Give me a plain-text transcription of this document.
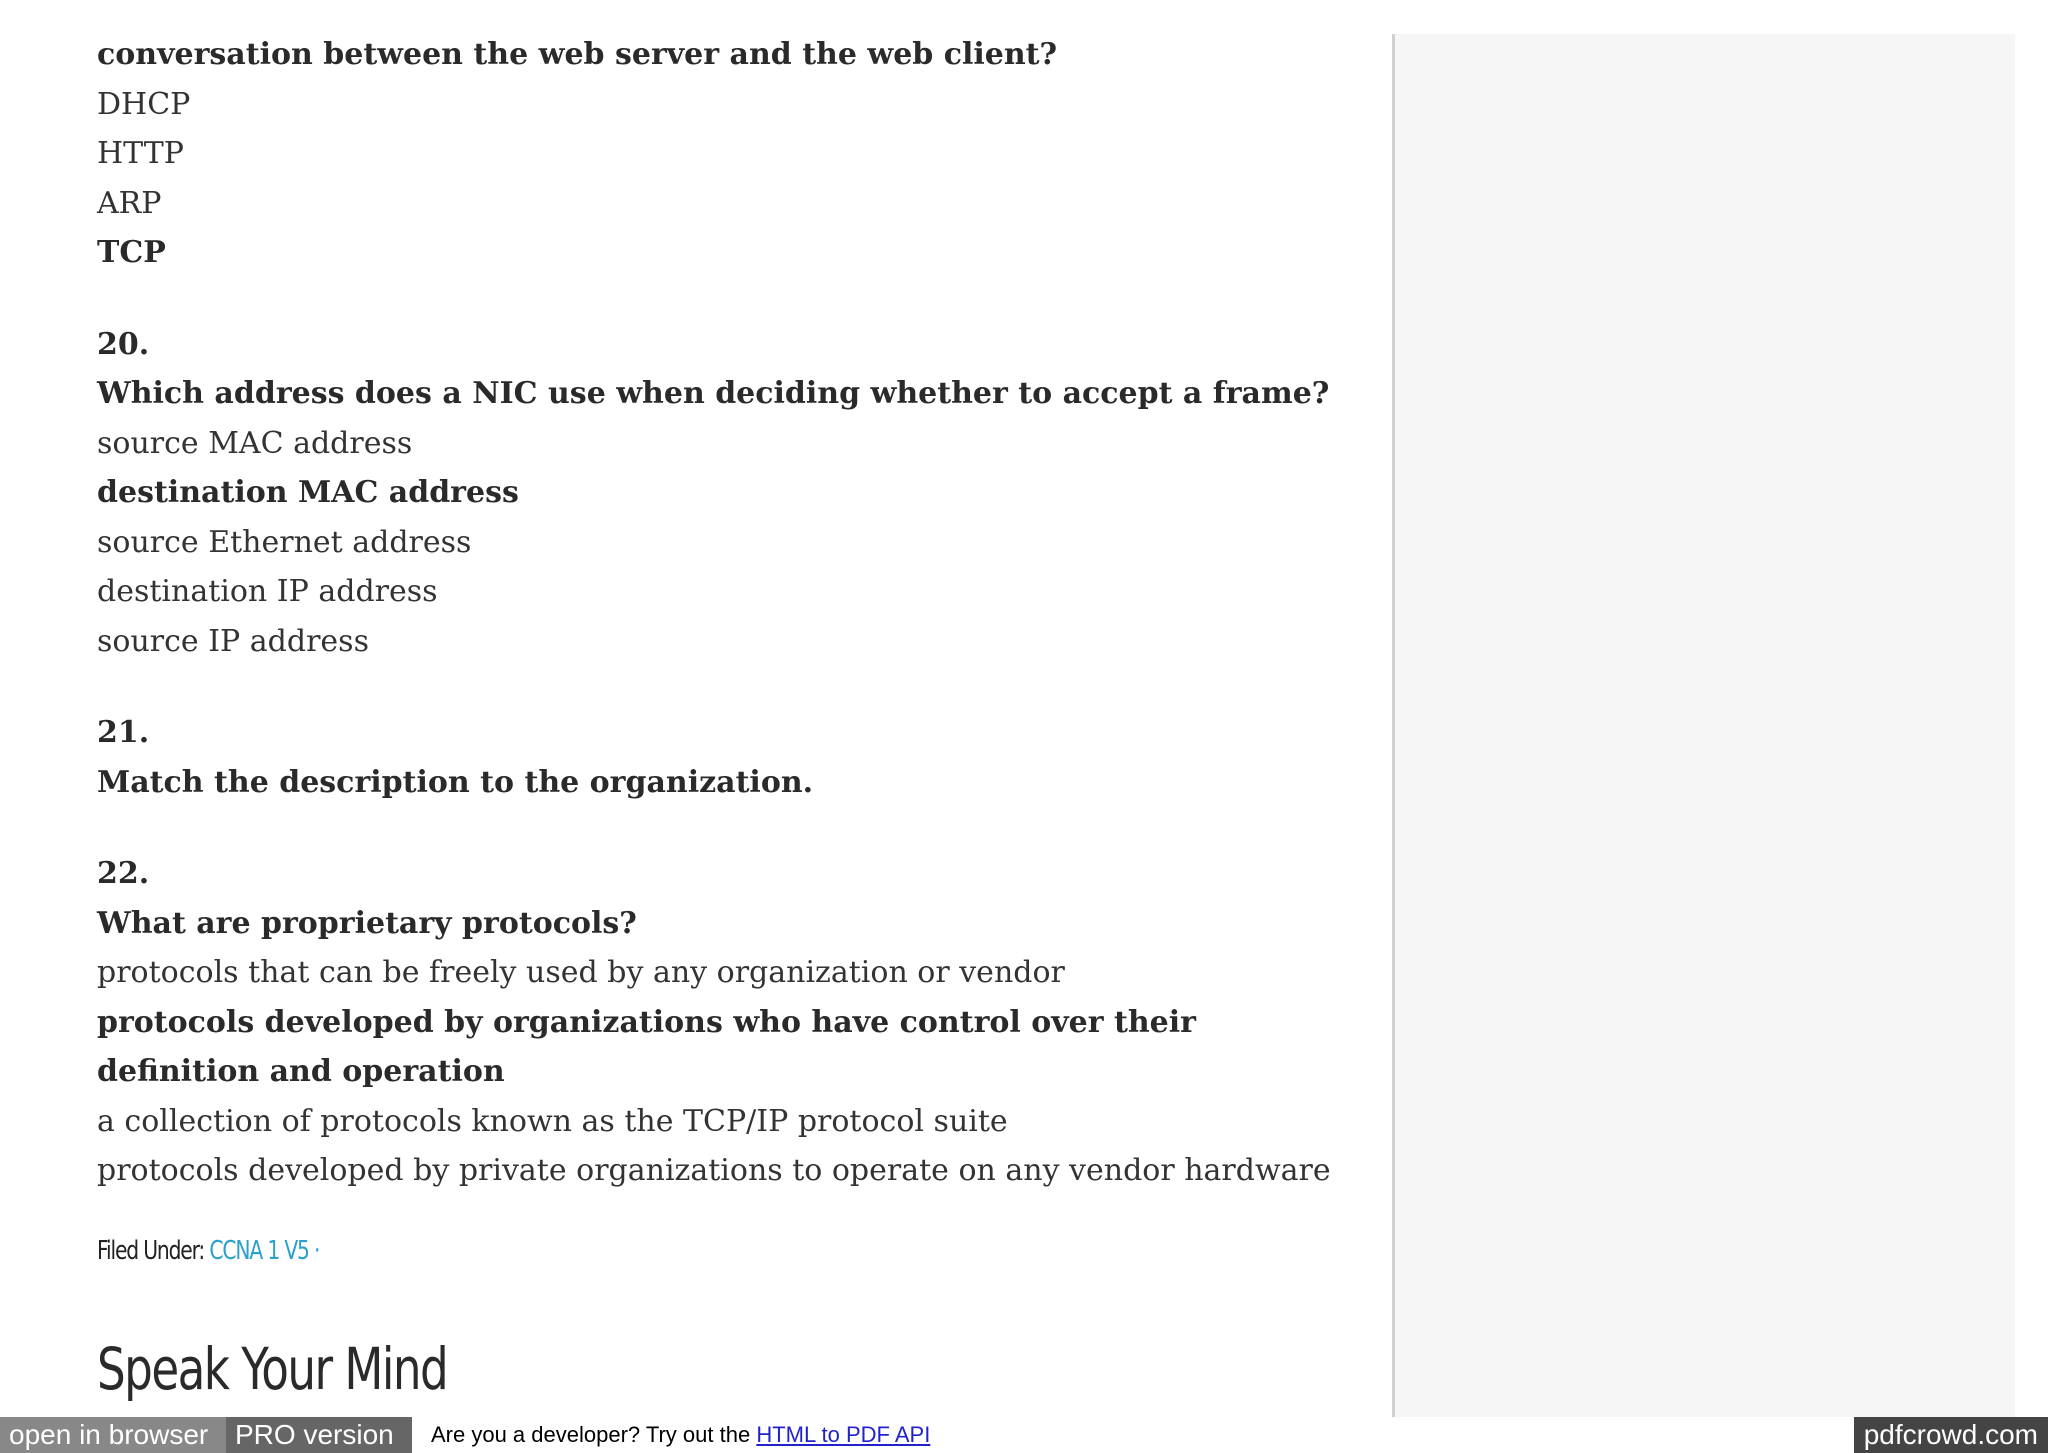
conversation between the web server and the web client?

DHCP

HTTP

ARP

TCP

20.

Which address does a NIC use when deciding whether to accept a frame?

source MAC address

destination MAC address

source Ethernet address

destination IP address

source IP address

21.

Match the description to the organization.

22.

What are proprietary protocols?

protocols that can be freely used by any organization or vendor

protocols developed by organizations who have control over their definition and operation

a collection of protocols known as the TCP/IP protocol suite

protocols developed by private organizations to operate on any vendor hardware

Filed Under: CCNA 1 V5 ·
Speak Your Mind
open in browser PRO version	Are you a developer? Try out the HTML to PDF API	pdfcrowd.com
